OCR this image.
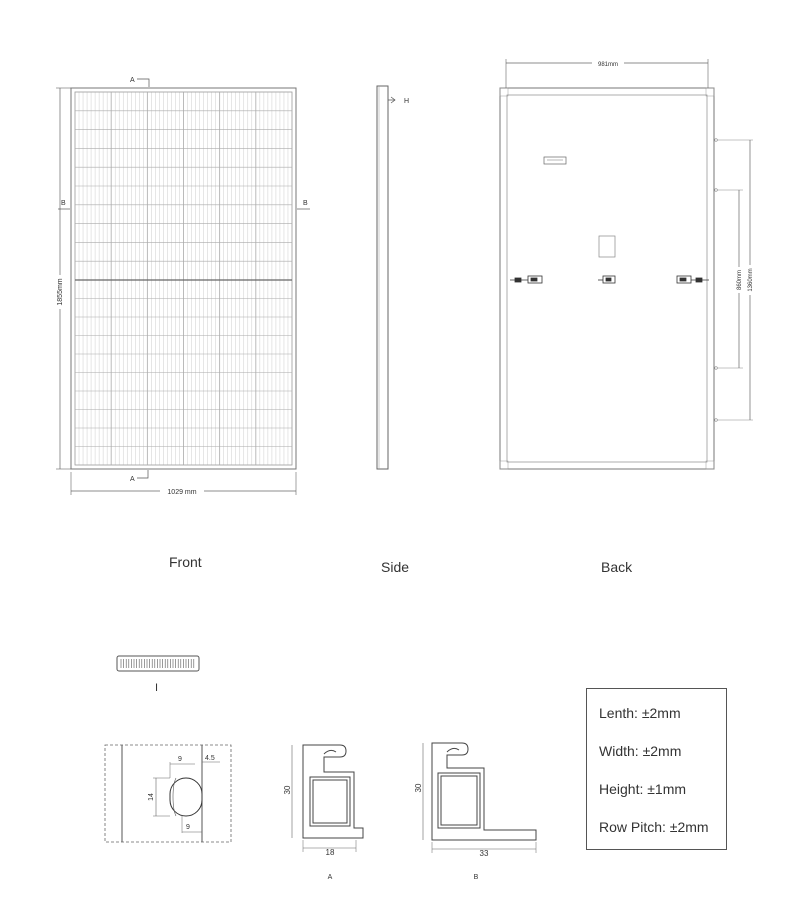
1029 mm
1855mm
A
A
B	B
H
981mm
860mm 1360mm
I
9	4.5
14
9
30
18
A
30
33
B
Front	Side	Back
Lenth: ±2mm
Width: ±2mm
Height: ±1mm
Row Pitch: ±2mm
